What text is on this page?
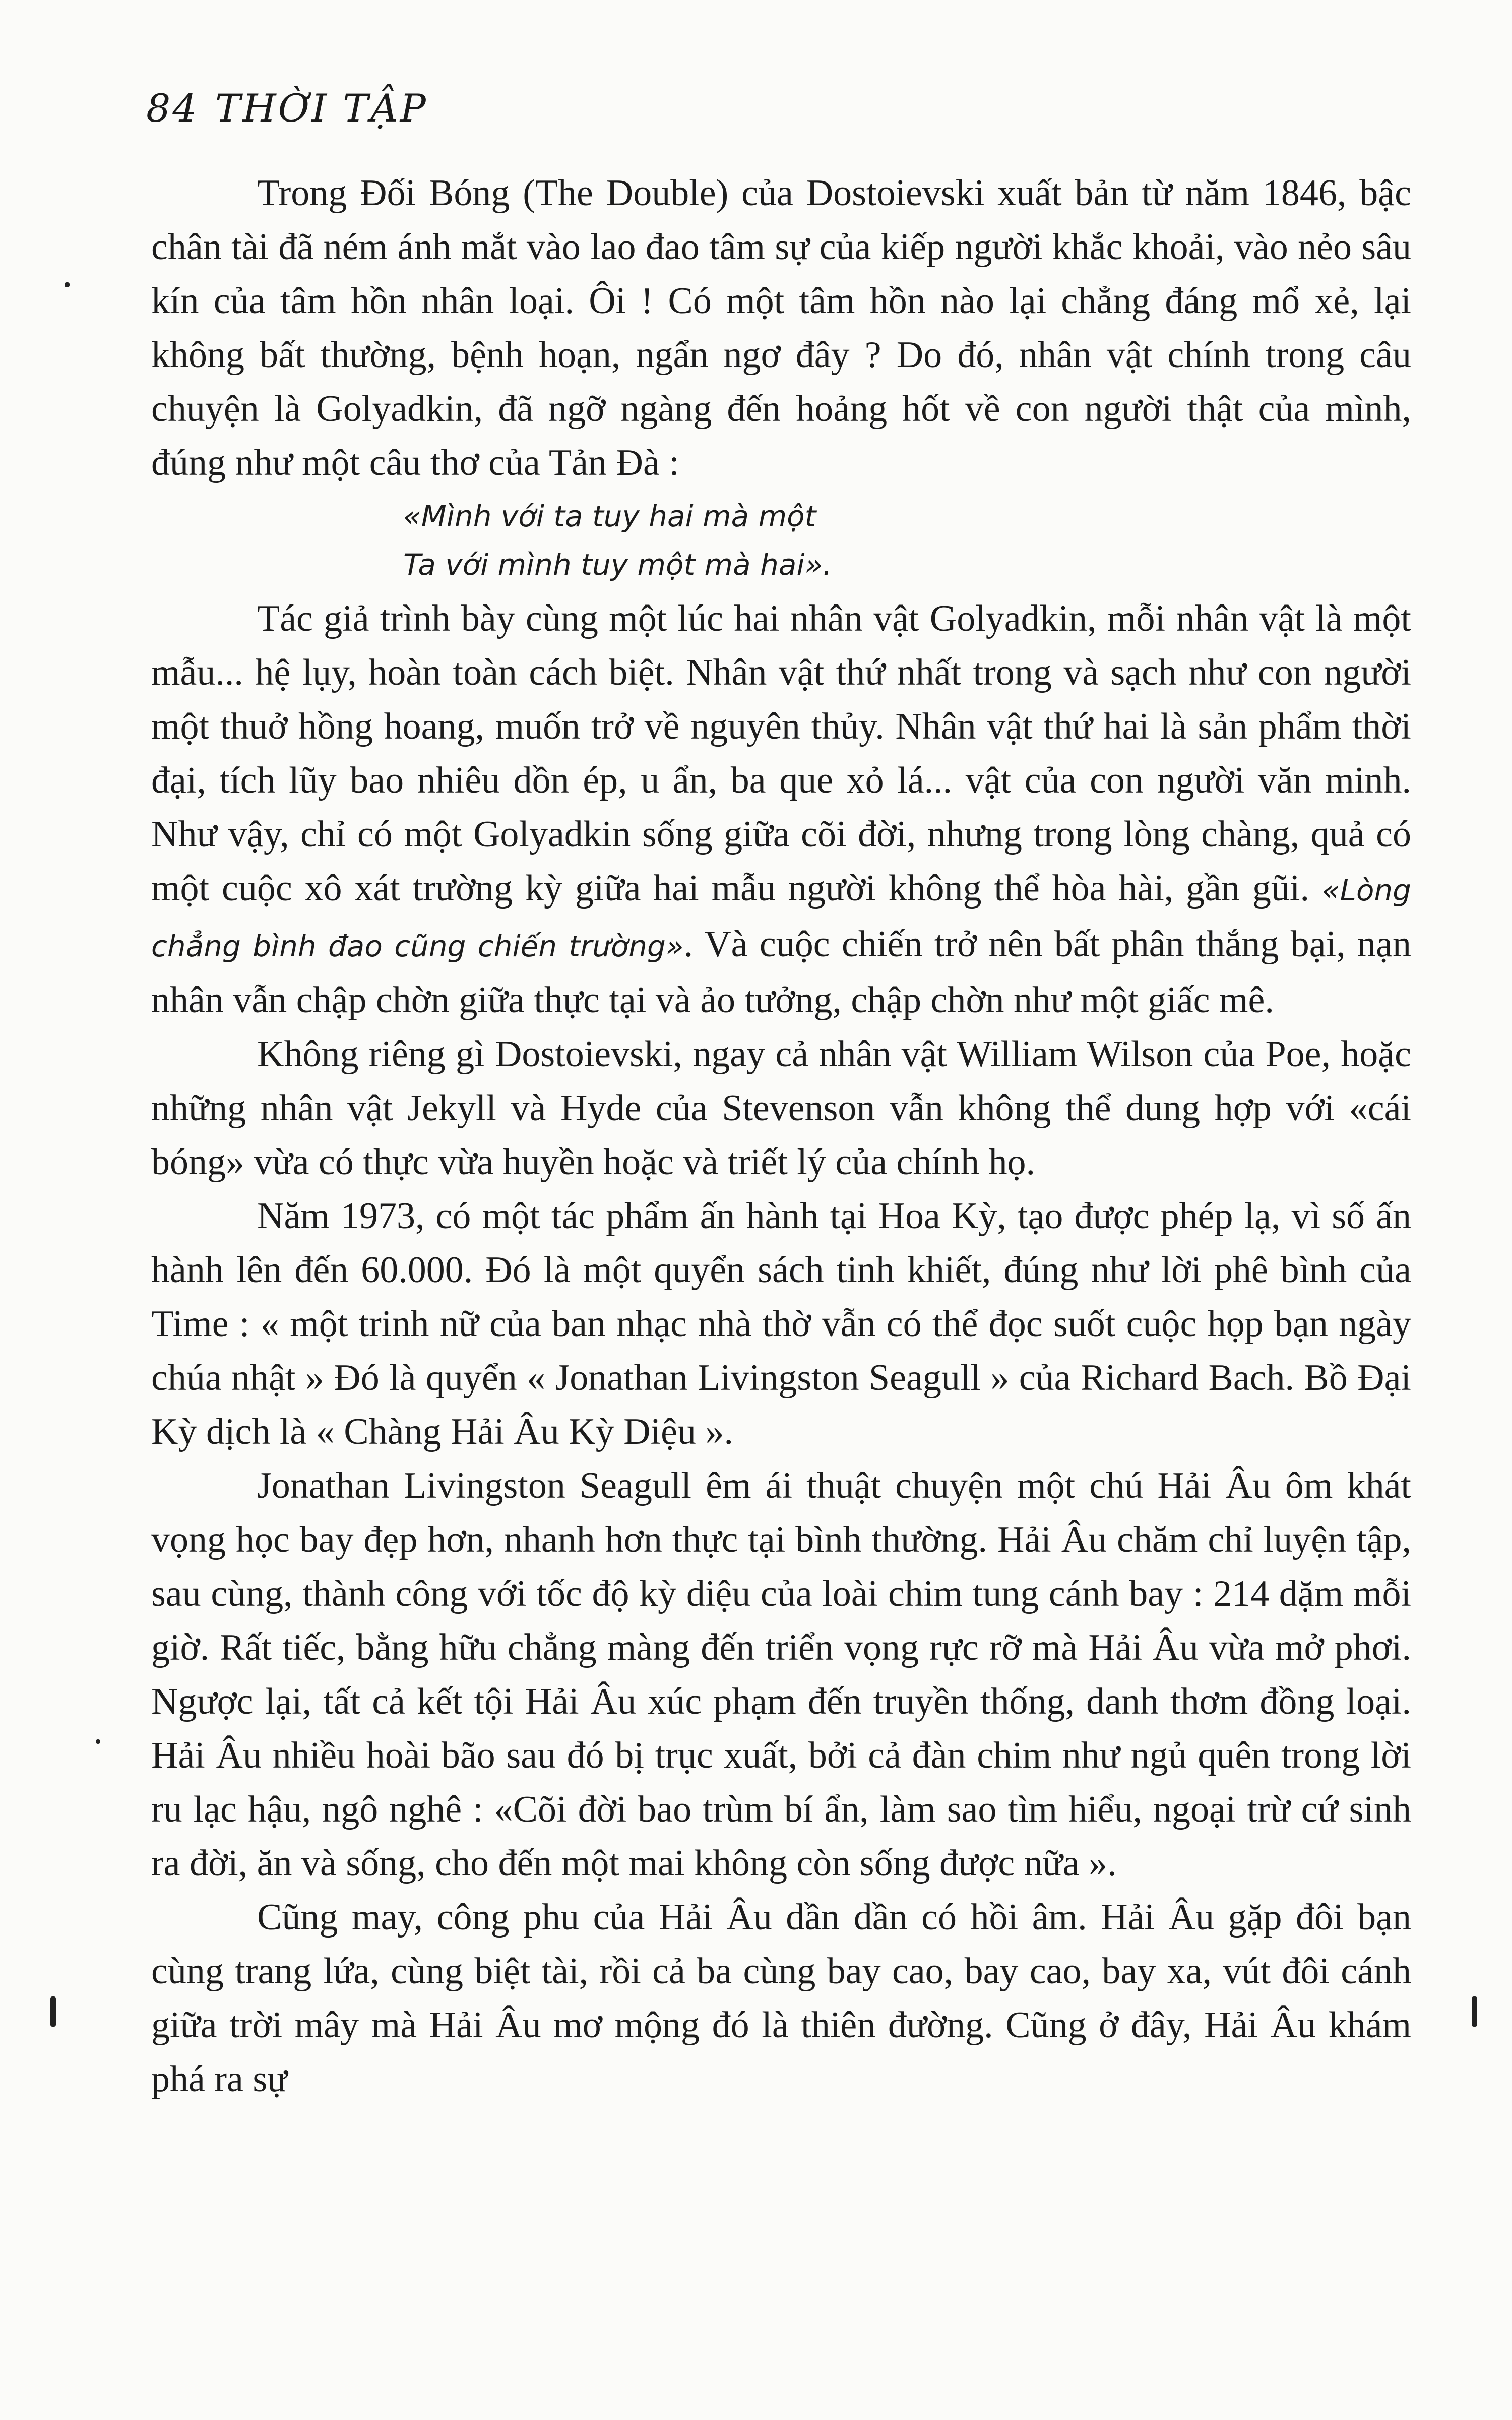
84 THỜI TẬP

Trong Đối Bóng (The Double) của Dostoievski xuất bản từ năm 1846, bậc chân tài đã ném ánh mắt vào lao đao tâm sự của kiếp người khắc khoải, vào nẻo sâu kín của tâm hồn nhân loại. Ôi ! Có một tâm hồn nào lại chẳng đáng mổ xẻ, lại không bất thường, bệnh hoạn, ngẩn ngơ đây ? Do đó, nhân vật chính trong câu chuyện là Golyadkin, đã ngỡ ngàng đến hoảng hốt về con người thật của mình, đúng như một câu thơ của Tản Đà :

«Mình với ta tuy hai mà một
Ta với mình tuy một mà hai».

Tác giả trình bày cùng một lúc hai nhân vật Golyadkin, mỗi nhân vật là một mẫu... hệ lụy, hoàn toàn cách biệt. Nhân vật thứ nhất trong và sạch như con người một thuở hồng hoang, muốn trở về nguyên thủy. Nhân vật thứ hai là sản phẩm thời đại, tích lũy bao nhiêu dồn ép, u ẩn, ba que xỏ lá... vật của con người văn minh. Như vậy, chỉ có một Golyadkin sống giữa cõi đời, nhưng trong lòng chàng, quả có một cuộc xô xát trường kỳ giữa hai mẫu người không thể hòa hài, gần gũi. «Lòng chẳng bình đao cũng chiến trường». Và cuộc chiến trở nên bất phân thắng bại, nạn nhân vẫn chập chờn giữa thực tại và ảo tưởng, chập chờn như một giấc mê.

Không riêng gì Dostoievski, ngay cả nhân vật William Wilson của Poe, hoặc những nhân vật Jekyll và Hyde của Stevenson vẫn không thể dung hợp với «cái bóng» vừa có thực vừa huyền hoặc và triết lý của chính họ.

Năm 1973, có một tác phẩm ấn hành tại Hoa Kỳ, tạo được phép lạ, vì số ấn hành lên đến 60.000. Đó là một quyển sách tinh khiết, đúng như lời phê bình của Time : « một trinh nữ của ban nhạc nhà thờ vẫn có thể đọc suốt cuộc họp bạn ngày chúa nhật » Đó là quyển « Jonathan Livingston Seagull » của Richard Bach. Bồ Đại Kỳ dịch là « Chàng Hải Âu Kỳ Diệu ».

Jonathan Livingston Seagull êm ái thuật chuyện một chú Hải Âu ôm khát vọng học bay đẹp hơn, nhanh hơn thực tại bình thường. Hải Âu chăm chỉ luyện tập, sau cùng, thành công với tốc độ kỳ diệu của loài chim tung cánh bay : 214 dặm mỗi giờ. Rất tiếc, bằng hữu chẳng màng đến triển vọng rực rỡ mà Hải Âu vừa mở phơi. Ngược lại, tất cả kết tội Hải Âu xúc phạm đến truyền thống, danh thơm đồng loại. Hải Âu nhiều hoài bão sau đó bị trục xuất, bởi cả đàn chim như ngủ quên trong lời ru lạc hậu, ngô nghê : «Cõi đời bao trùm bí ẩn, làm sao tìm hiểu, ngoại trừ cứ sinh ra đời, ăn và sống, cho đến một mai không còn sống được nữa ».

Cũng may, công phu của Hải Âu dần dần có hồi âm. Hải Âu gặp đôi bạn cùng trang lứa, cùng biệt tài, rồi cả ba cùng bay cao, bay cao, bay xa, vút đôi cánh giữa trời mây mà Hải Âu mơ mộng đó là thiên đường. Cũng ở đây, Hải Âu khám phá ra sự
